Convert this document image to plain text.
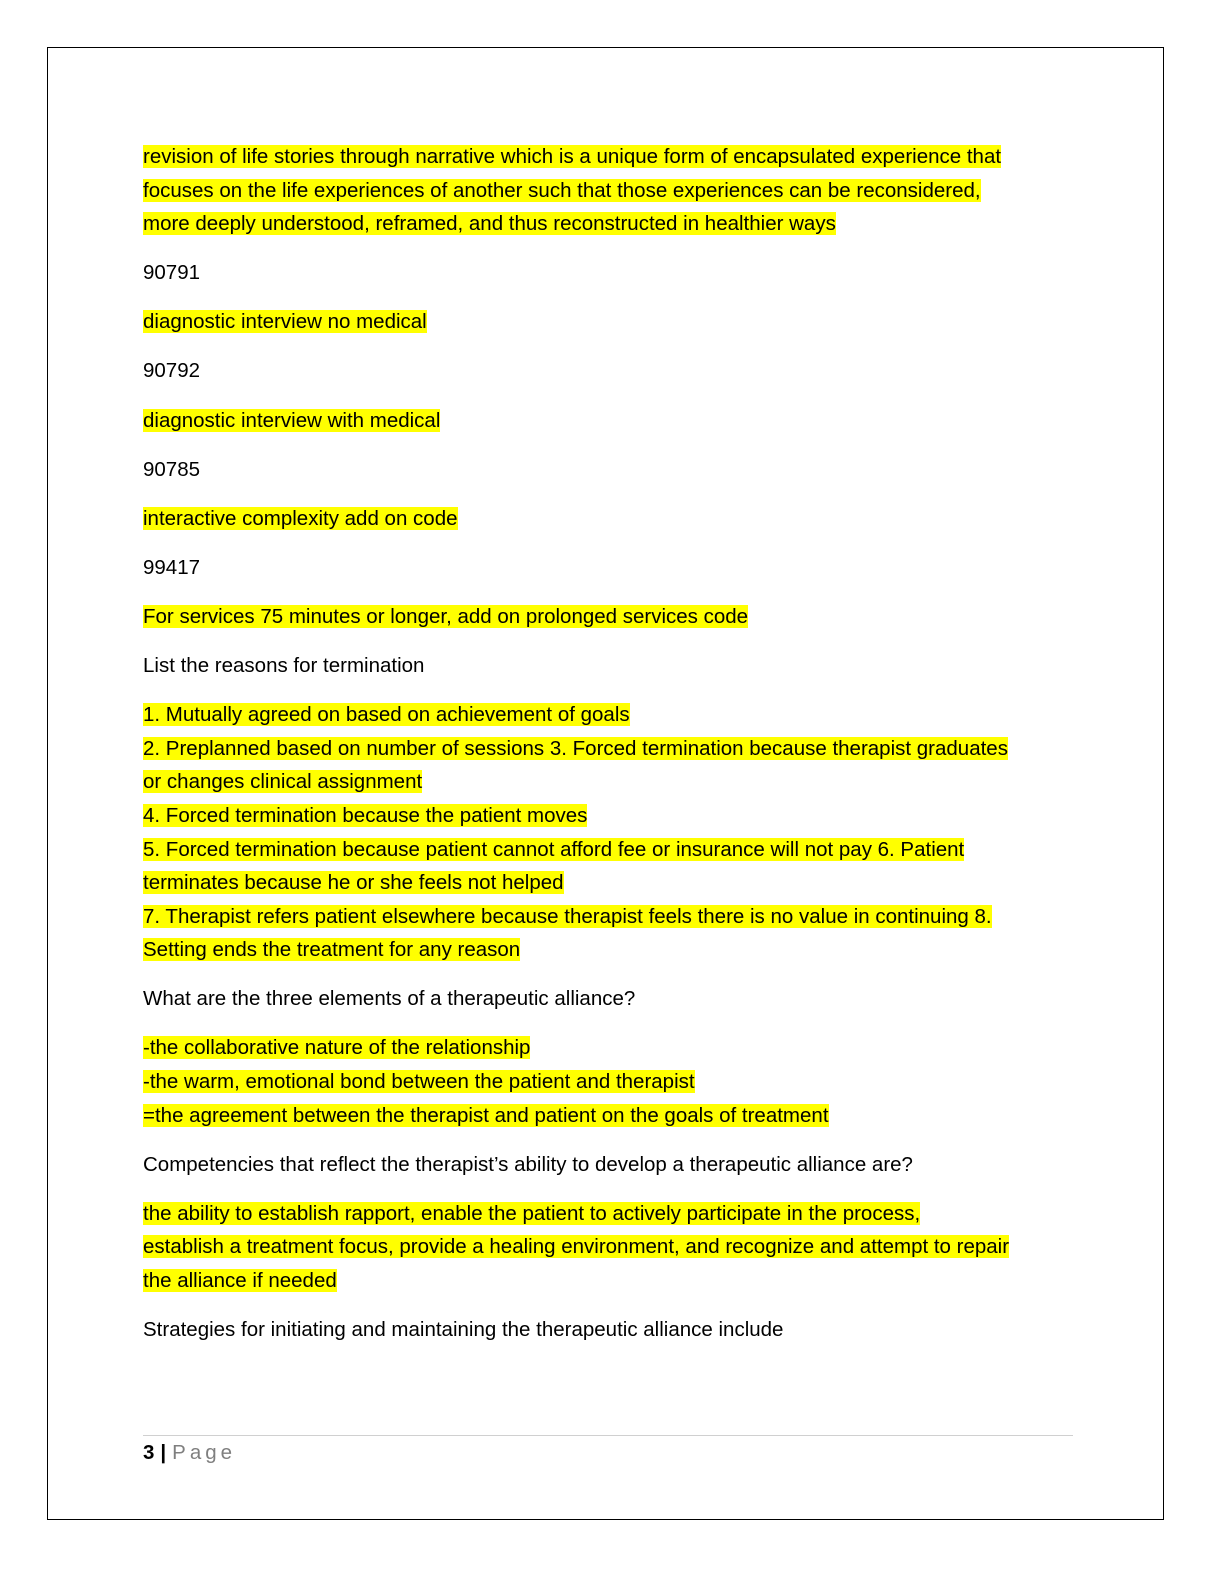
revision of life stories through narrative which is a unique form of encapsulated experience that
focuses on the life experiences of another such that those experiences can be reconsidered,
more deeply understood, reframed, and thus reconstructed in healthier ways
90791
diagnostic interview no medical
90792
diagnostic interview with medical
90785
interactive complexity add on code
99417
For services 75 minutes or longer, add on prolonged services code
List the reasons for termination
1. Mutually agreed on based on achievement of goals
2. Preplanned based on number of sessions 3. Forced termination because therapist graduates
or changes clinical assignment
4. Forced termination because the patient moves
5. Forced termination because patient cannot afford fee or insurance will not pay 6. Patient
terminates because he or she feels not helped
7. Therapist refers patient elsewhere because therapist feels there is no value in continuing 8.
Setting ends the treatment for any reason
What are the three elements of a therapeutic alliance?
-the collaborative nature of the relationship
-the warm, emotional bond between the patient and therapist
=the agreement between the therapist and patient on the goals of treatment
Competencies that reflect the therapist’s ability to develop a therapeutic alliance are?
the ability to establish rapport, enable the patient to actively participate in the process,
establish a treatment focus, provide a healing environment, and recognize and attempt to repair
the alliance if needed
Strategies for initiating and maintaining the therapeutic alliance include
3 | Page
